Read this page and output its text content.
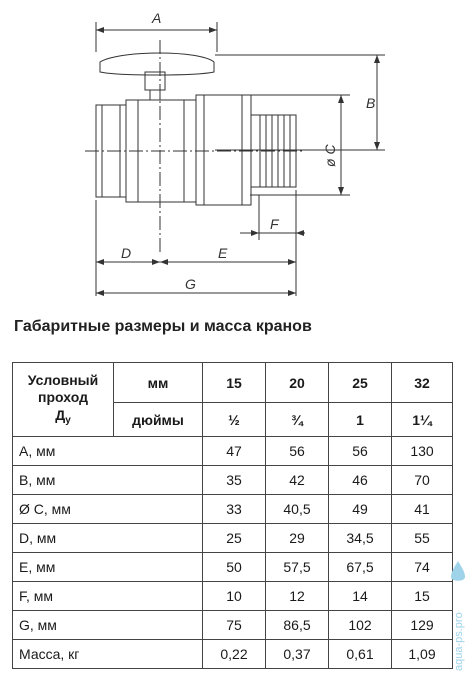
A
B
ø C
D	E
F
G
Габаритные размеры и масса кранов
Условный
проход
$Д_у$	мм	15	20	25	32
	дюймы	½	¾	1	1¼
A, мм		47	56	56	130
B, мм		35	42	46	70
Ø C, мм		33	40,5	49	41
D, мм		25	29	34,5	55
E, мм		50	57,5	67,5	74
F, мм		10	12	14	15
G, мм		75	86,5	102	129
Масса, кг		0,22	0,37	0,61	1,09 aqua-ps.pro
